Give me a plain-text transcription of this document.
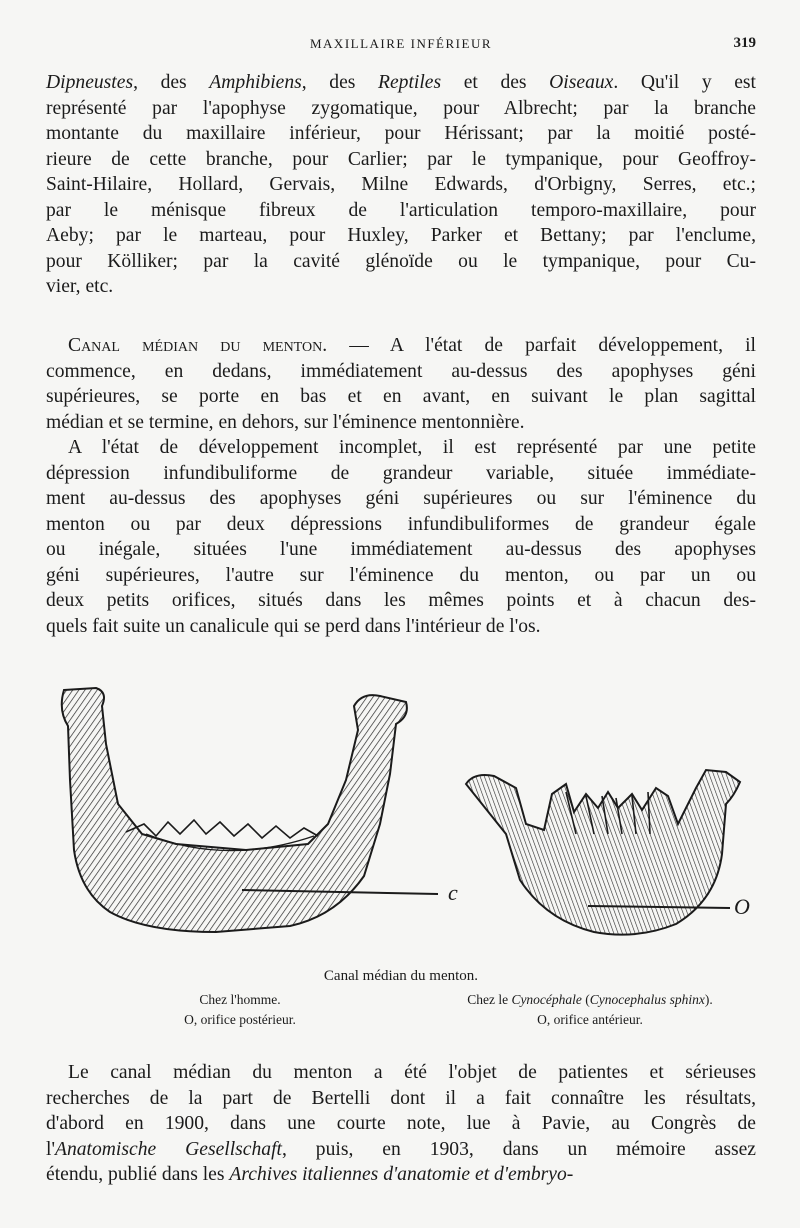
MAXILLAIRE INFÉRIEUR	319
Dipneustes, des Amphibiens, des Reptiles et des Oiseaux. Qu'il y est
représenté par l'apophyse zygomatique, pour Albrecht; par la branche
montante du maxillaire inférieur, pour Hérissant; par la moitié posté-
rieure de cette branche, pour Carlier; par le tympanique, pour Geoffroy-
Saint-Hilaire, Hollard, Gervais, Milne Edwards, d'Orbigny, Serres, etc.;
par le ménisque fibreux de l'articulation temporo-maxillaire, pour
Aeby; par le marteau, pour Huxley, Parker et Bettany; par l'enclume,
pour Kölliker; par la cavité glénoïde ou le tympanique, pour Cu-
vier, etc.
Canal médian du menton. — A l'état de parfait développement, il
commence, en dedans, immédiatement au-dessus des apophyses géni
supérieures, se porte en bas et en avant, en suivant le plan sagittal
médian et se termine, en dehors, sur l'éminence mentonnière.
A l'état de développement incomplet, il est représenté par une petite
dépression infundibuliforme de grandeur variable, située immédiate-
ment au-dessus des apophyses géni supérieures ou sur l'éminence du
menton ou par deux dépressions infundibuliformes de grandeur égale
ou inégale, situées l'une immédiatement au-dessus des apophyses
géni supérieures, l'autre sur l'éminence du menton, ou par un ou
deux petits orifices, situés dans les mêmes points et à chacun des-
quels fait suite un canalicule qui se perd dans l'intérieur de l'os.
c
O
Canal médian du menton.
Chez l'homme.
O, orifice postérieur.
Chez le Cynocéphale (Cynocephalus sphinx).
O, orifice antérieur.
Le canal médian du menton a été l'objet de patientes et sérieuses
recherches de la part de Bertelli dont il a fait connaître les résultats,
d'abord en 1900, dans une courte note, lue à Pavie, au Congrès de
l'Anatomische Gesellschaft, puis, en 1903, dans un mémoire assez
étendu, publié dans les Archives italiennes d'anatomie et d'embryo-
